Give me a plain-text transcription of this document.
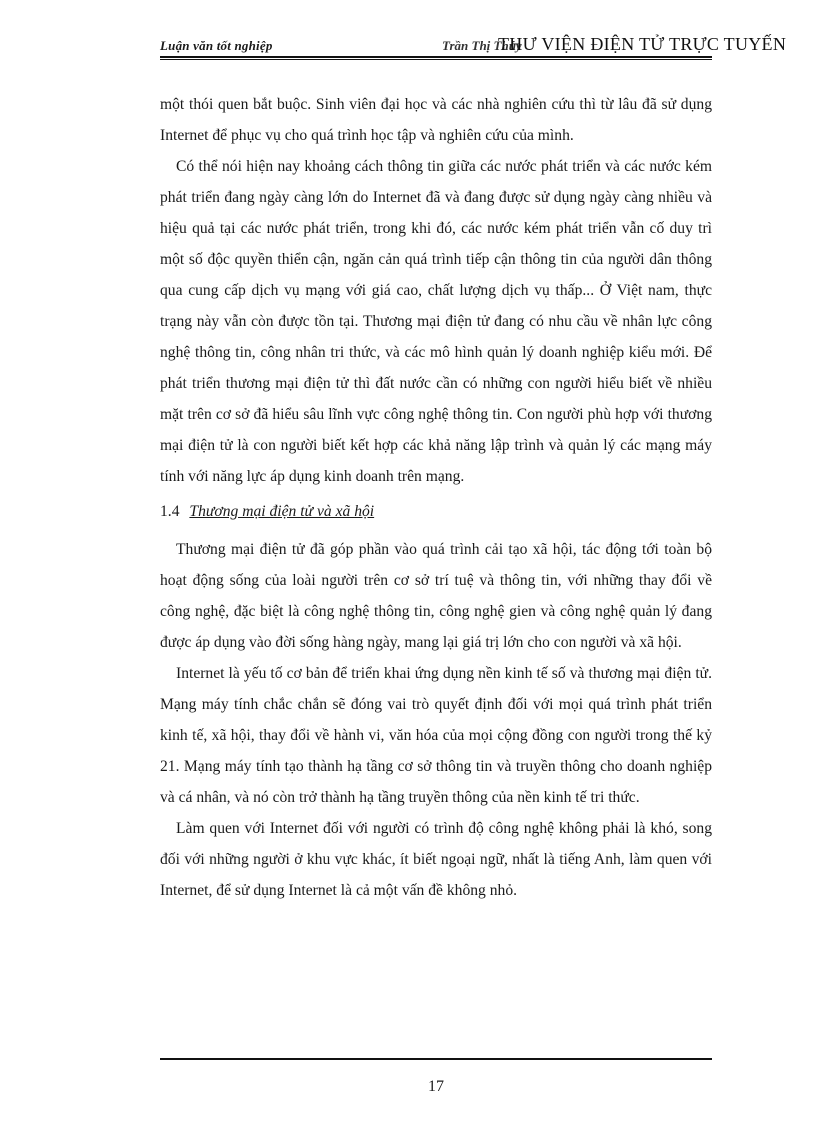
Luận văn tốt nghiệp	Trần Thị Thúy
THƯ VIỆN ĐIỆN TỬ TRỰC TUYẾN

một thói quen bắt buộc. Sinh viên đại học và các nhà nghiên cứu thì từ lâu đã sử dụng Internet để phục vụ cho quá trình học tập và nghiên cứu của mình.

Có thể nói hiện nay khoảng cách thông tin giữa các nước phát triển và các nước kém phát triển đang ngày càng lớn do Internet đã và đang được sử dụng ngày càng nhiều và hiệu quả tại các nước phát triển, trong khi đó, các nước kém phát triển vẫn cố duy trì một số độc quyền thiển cận, ngăn cản quá trình tiếp cận thông tin của người dân thông qua cung cấp dịch vụ mạng với giá cao, chất lượng dịch vụ thấp... Ở Việt nam, thực trạng này vẫn còn được tồn tại. Thương mại điện tử đang có nhu cầu về nhân lực công nghệ thông tin, công nhân tri thức, và các mô hình quản lý doanh nghiệp kiểu mới. Để phát triển thương mại điện tử thì đất nước cần có những con người hiểu biết về nhiều mặt trên cơ sở đã hiểu sâu lĩnh vực công nghệ thông tin. Con người phù hợp với thương mại điện tử là con người biết kết hợp các khả năng lập trình và quản lý các mạng máy tính với năng lực áp dụng kinh doanh trên mạng.

1.4 Thương mại điện tử và xã hội

Thương mại điện tử đã góp phần vào quá trình cải tạo xã hội, tác động tới toàn bộ hoạt động sống của loài người trên cơ sở trí tuệ và thông tin, với những thay đổi về công nghệ, đặc biệt là công nghệ thông tin, công nghệ gien và công nghệ quản lý đang được áp dụng vào đời sống hàng ngày, mang lại giá trị lớn cho con người và xã hội.

Internet là yếu tố cơ bản để triển khai ứng dụng nền kinh tế số và thương mại điện tử. Mạng máy tính chắc chắn sẽ đóng vai trò quyết định đối với mọi quá trình phát triển kinh tế, xã hội, thay đổi về hành vi, văn hóa của mọi cộng đồng con người trong thế kỷ 21. Mạng máy tính tạo thành hạ tầng cơ sở thông tin và truyền thông cho doanh nghiệp và cá nhân, và nó còn trở thành hạ tầng truyền thông của nền kinh tế tri thức.

Làm quen với Internet đối với người có trình độ công nghệ không phải là khó, song đối với những người ở khu vực khác, ít biết ngoại ngữ, nhất là tiếng Anh, làm quen với Internet, để sử dụng Internet là cả một vấn đề không nhỏ.

17
